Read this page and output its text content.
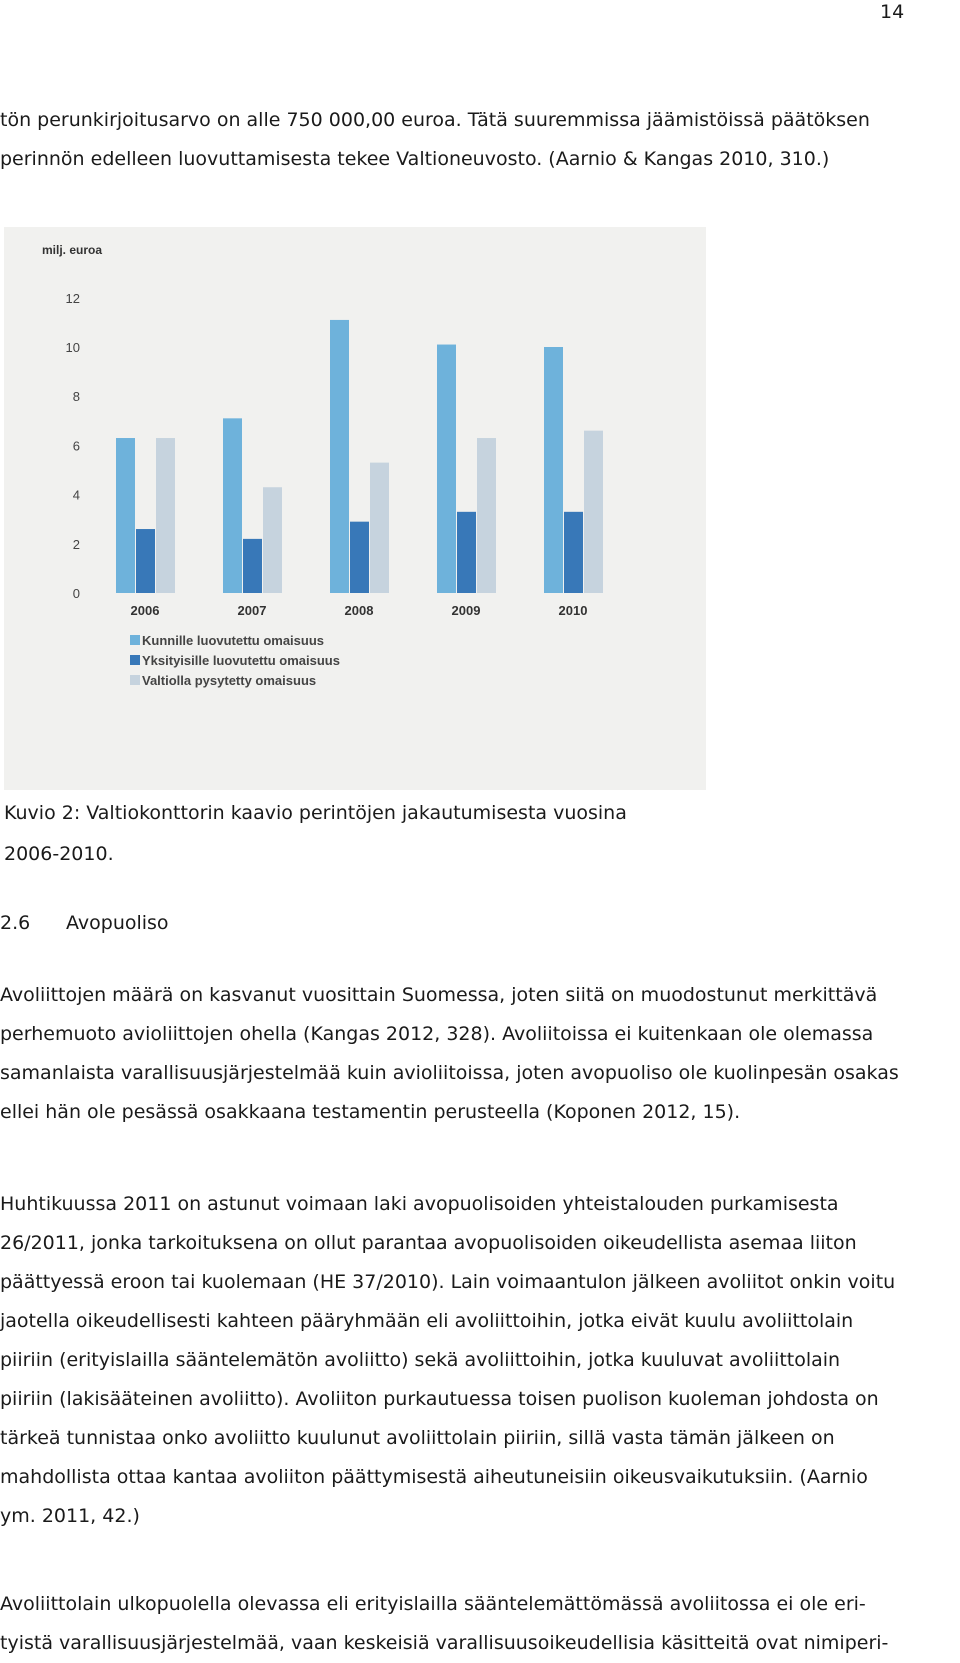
14
tön perunkirjoitusarvo on alle 750 000,00 euroa. Tätä suuremmissa jäämistöissä päätöksen
perinnön edelleen luovuttamisesta tekee Valtioneuvosto. (Aarnio & Kangas 2010, 310.)
milj. euroa
0
2
4
6
8
10
12
2006	2007	2008	2009	2010
Kunnille luovutettu omaisuus
Yksityisille luovutettu omaisuus
Valtiolla pysytetty omaisuus
Kuvio 2: Valtiokonttorin kaavio perintöjen jakautumisesta vuosina
2006-2010.
2.6 Avopuoliso
Avoliittojen määrä on kasvanut vuosittain Suomessa, joten siitä on muodostunut merkittävä
perhemuoto avioliittojen ohella (Kangas 2012, 328). Avoliitoissa ei kuitenkaan ole olemassa
samanlaista varallisuusjärjestelmää kuin avioliitoissa, joten avopuoliso ole kuolinpesän osakas
ellei hän ole pesässä osakkaana testamentin perusteella (Koponen 2012, 15).
Huhtikuussa 2011 on astunut voimaan laki avopuolisoiden yhteistalouden purkamisesta
26/2011, jonka tarkoituksena on ollut parantaa avopuolisoiden oikeudellista asemaa liiton
päättyessä eroon tai kuolemaan (HE 37/2010). Lain voimaantulon jälkeen avoliitot onkin voitu
jaotella oikeudellisesti kahteen pääryhmään eli avoliittoihin, jotka eivät kuulu avoliittolain
piiriin (erityislailla sääntelemätön avoliitto) sekä avoliittoihin, jotka kuuluvat avoliittolain
piiriin (lakisääteinen avoliitto). Avoliiton purkautuessa toisen puolison kuoleman johdosta on
tärkeä tunnistaa onko avoliitto kuulunut avoliittolain piiriin, sillä vasta tämän jälkeen on
mahdollista ottaa kantaa avoliiton päättymisestä aiheutuneisiin oikeusvaikutuksiin. (Aarnio
ym. 2011, 42.)
Avoliittolain ulkopuolella olevassa eli erityislailla sääntelemättömässä avoliitossa ei ole eri-
tyistä varallisuusjärjestelmää, vaan keskeisiä varallisuusoikeudellisia käsitteitä ovat nimiperi-
